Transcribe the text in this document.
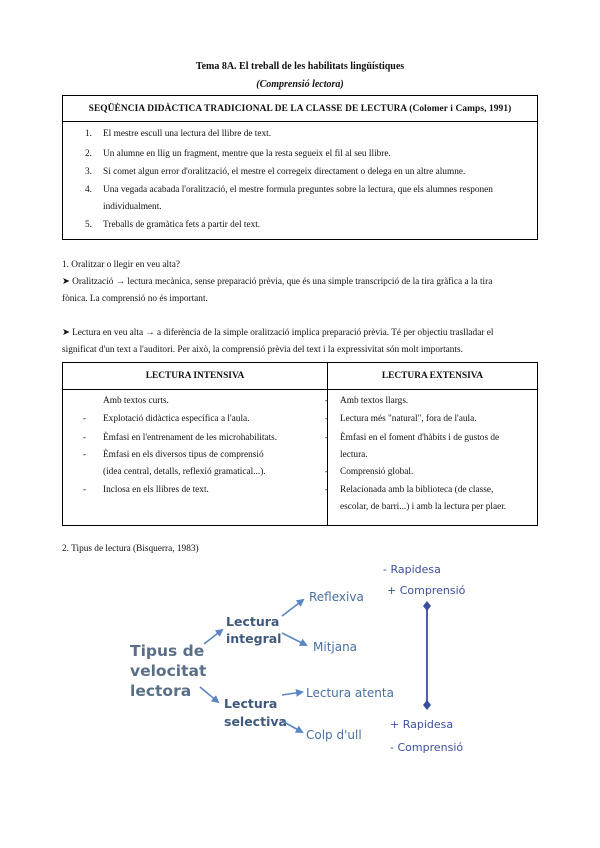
Tema 8A. El treball de les habilitats lingüístiques
(Comprensió lectora)
SEQÜÈNCIA DIDÀCTICA TRADICIONAL DE LA CLASSE DE LECTURA (Colomer i Camps, 1991)
1. El mestre escull una lectura del llibre de text.
2. Un alumne en llig un fragment, mentre que la resta segueix el fil al seu llibre.
3. Si comet algun error d'oralització, el mestre el corregeix directament o delega en un altre alumne.
4. Una vegada acabada l'oralització, el mestre formula preguntes sobre la lectura, que els alumnes responen
individualment.
5. Treballs de gramàtica fets a partir del text.
1. Oralitzar o llegir en veu alta?
➤ Oralització → lectura mecànica, sense preparació prèvia, que és una simple transcripció de la tira gràfica a la tira
fònica. La comprensió no és important.
➤ Lectura en veu alta → a diferència de la simple oralització implica preparació prèvia. Té per objectiu traslladar el
significat d'un text a l'auditori. Per això, la comprensió prèvia del text i la expressivitat són molt importants.
LECTURA INTENSIVA	LECTURA EXTENSIVA
Amb textos curts.
- Explotació didàctica específica a l'aula.
- Èmfasi en l'entrenament de les microhabilitats.
- Èmfasi en els diversos tipus de comprensió
(idea central, detalls, reflexió gramatical...).
- Inclosa en els llibres de text.
- Amb textos llargs.
- Lectura més "natural", fora de l'aula.
- Èmfasi en el foment d'hàbits i de gustos de
lectura.
- Comprensió global.
- Relacionada amb la biblioteca (de classe,
escolar, de barri...) i amb la lectura per plaer.
2. Tipus de lectura (Bisquerra, 1983)
Tipus de
velocitat
lectora
Lectura
integral
Lectura
selectiva
Reflexiva
Mitjana
Lectura atenta
Colp d'ull
- Rapidesa
+ Comprensió
+ Rapidesa
- Comprensió
